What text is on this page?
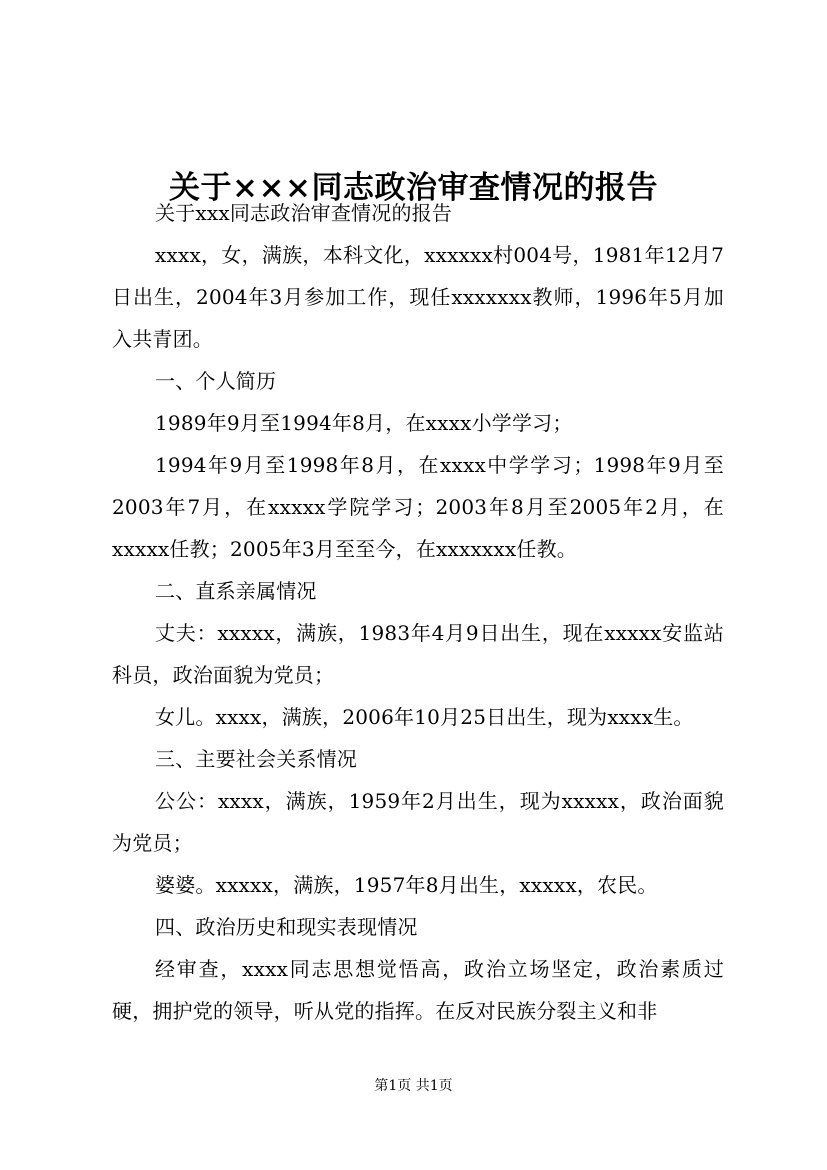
关于×××同志政治审查情况的报告

关于xxx同志政治审查情况的报告

xxxx，女，满族，本科文化，xxxxxx村004号，1981年12月7日出生，2004年3月参加工作，现任xxxxxxx教师，1996年5月加入共青团。

一、个人简历

1989年9月至1994年8月，在xxxx小学学习；

1994年9月至1998年8月，在xxxx中学学习；1998年9月至2003年7月，在xxxxx学院学习；2003年8月至2005年2月，在xxxxx任教；2005年3月至至今，在xxxxxxx任教。

二、直系亲属情况

丈夫：xxxxx，满族，1983年4月9日出生，现在xxxxx安监站科员，政治面貌为党员；

女儿。xxxx，满族，2006年10月25日出生，现为xxxx生。

三、主要社会关系情况

公公：xxxx，满族，1959年2月出生，现为xxxxx，政治面貌为党员；

婆婆。xxxxx，满族，1957年8月出生，xxxxx，农民。

四、政治历史和现实表现情况

经审查，xxxx同志思想觉悟高，政治立场坚定，政治素质过硬，拥护党的领导，听从党的指挥。在反对民族分裂主义和非

第1页 共1页
